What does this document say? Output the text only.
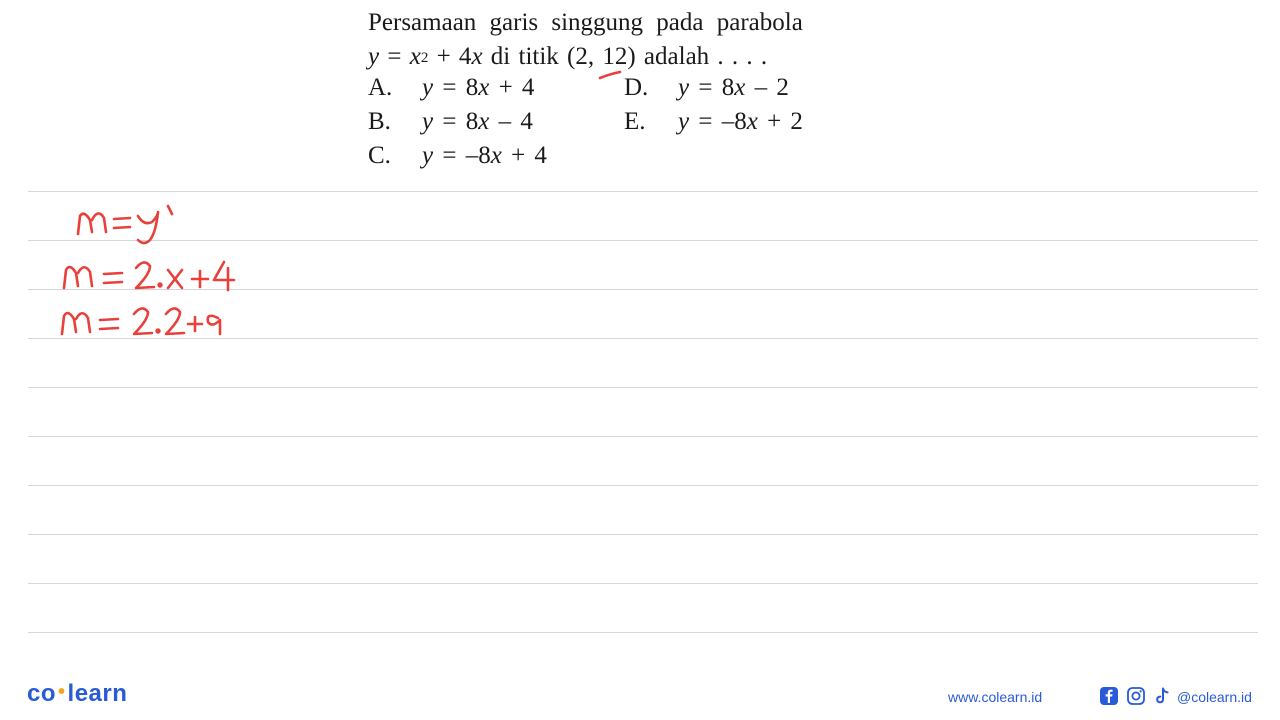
Persamaan garis singgung pada parabola
$y = x^2 + 4x$ di titik (2, 12) adalah . . . .
A. y = 8x + 4
B. y = 8x – 4
C. y = –8x + 4
D. y = 8x – 2
E. y = –8x + 2
co •learn	www.colearn.id	@colearn.id
